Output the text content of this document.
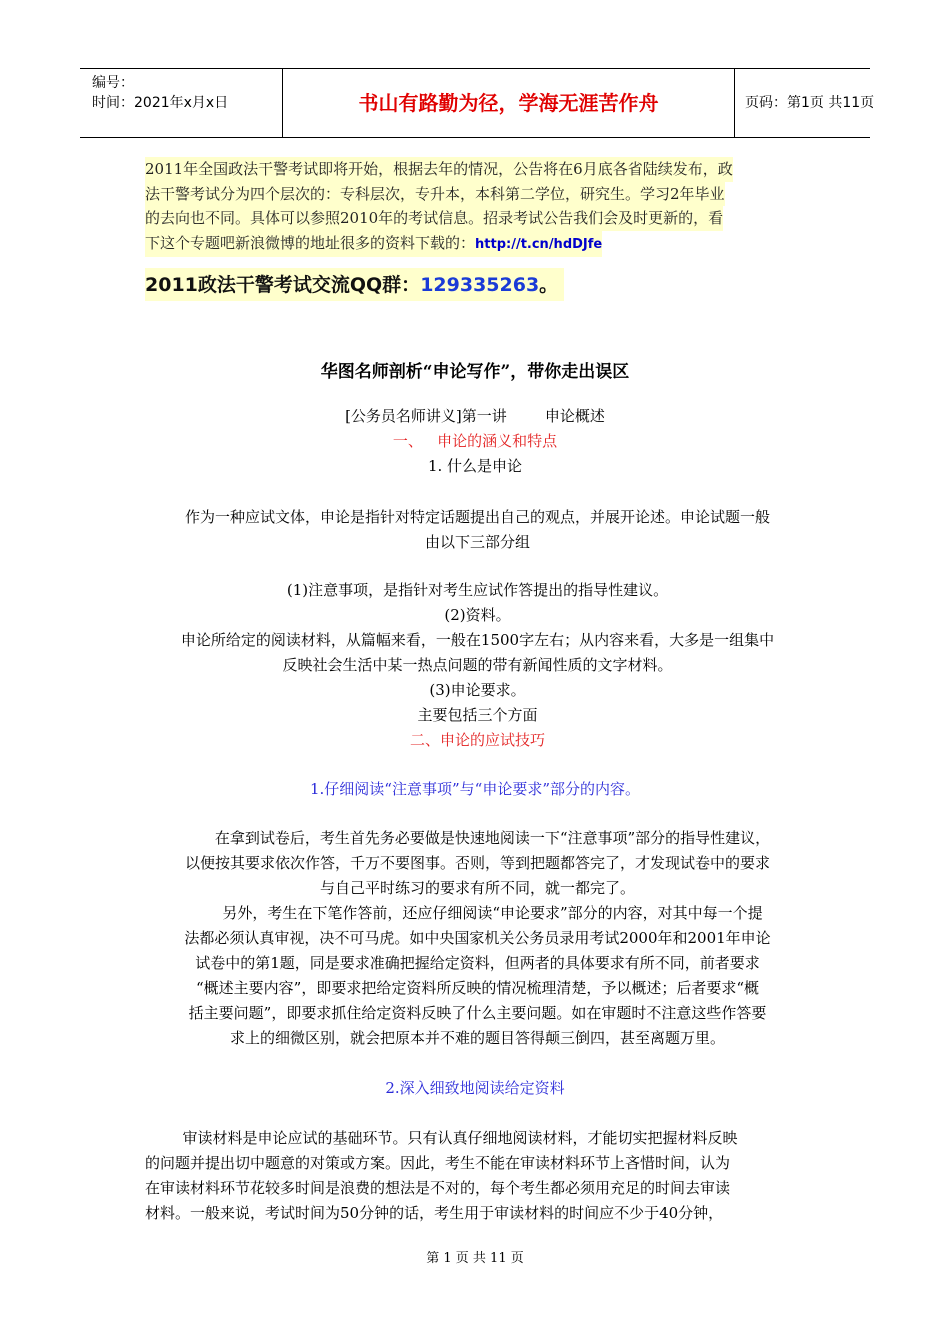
编号：
时间：2021年x月x日	书山有路勤为径，学海无涯苦作舟	页码：第1页 共11页
2011年全国政法干警考试即将开始，根据去年的情况，公告将在6月底各省陆续发布，政
法干警考试分为四个层次的：专科层次，专升本，本科第二学位，研究生。学习2年毕业
的去向也不同。具体可以参照2010年的考试信息。招录考试公告我们会及时更新的，看
下这个专题吧新浪微博的地址很多的资料下载的：http://t.cn/hdDJfe
2011政法干警考试交流QQ群：129335263。
华图名师剖析“申论写作”，带你走出误区
[公务员名师讲义]第一讲        申论概述
一、   申论的涵义和特点
1. 什么是申论
作为一种应试文体，申论是指针对特定话题提出自己的观点，并展开论述。申论试题一般
由以下三部分组
(1)注意事项，是指针对考生应试作答提出的指导性建议。
(2)资料。
申论所给定的阅读材料，从篇幅来看，一般在1500字左右；从内容来看，大多是一组集中
反映社会生活中某一热点问题的带有新闻性质的文字材料。
(3)申论要求。
主要包括三个方面
二、申论的应试技巧
1.仔细阅读“注意事项”与“申论要求”部分的内容。
在拿到试卷后，考生首先务必要做是快速地阅读一下“注意事项”部分的指导性建议，
以便按其要求依次作答，千万不要图事。否则，等到把题都答完了，才发现试卷中的要求
与自己平时练习的要求有所不同，就一都完了。
另外，考生在下笔作答前，还应仔细阅读“申论要求”部分的内容，对其中每一个提
法都必须认真审视，决不可马虎。如中央国家机关公务员录用考试2000年和2001年申论
试卷中的第1题，同是要求准确把握给定资料，但两者的具体要求有所不同，前者要求
“概述主要内容”，即要求把给定资料所反映的情况梳理清楚，予以概述；后者要求“概
括主要问题”，即要求抓住给定资料反映了什么主要问题。如在审题时不注意这些作答要
求上的细微区别，就会把原本并不难的题目答得颠三倒四，甚至离题万里。
2.深入细致地阅读给定资料
审读材料是申论应试的基础环节。只有认真仔细地阅读材料，才能切实把握材料反映
的问题并提出切中题意的对策或方案。因此，考生不能在审读材料环节上吝惜时间，认为
在审读材料环节花较多时间是浪费的想法是不对的，每个考生都必须用充足的时间去审读
材料。一般来说，考试时间为50分钟的话，考生用于审读材料的时间应不少于40分钟，
第 1 页 共 11 页
